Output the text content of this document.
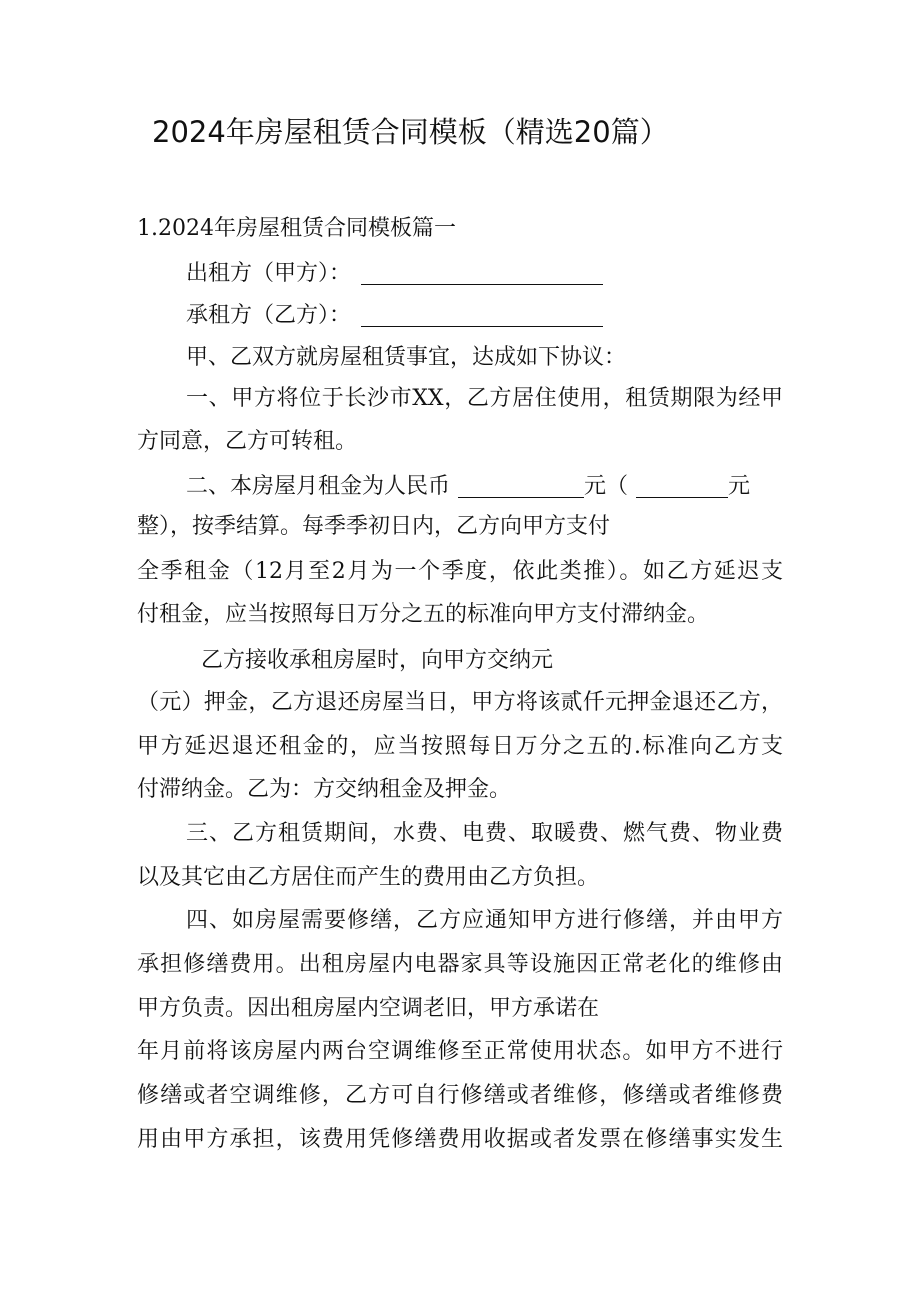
2024年房屋租赁合同模板（精选20篇）
1.2024年房屋租赁合同模板篇一
出租方（甲方）：
承租方（乙方）：
甲、乙双方就房屋租赁事宜，达成如下协议：
一、甲方将位于长沙市XX，乙方居住使用，租赁期限为经甲
方同意，乙方可转租。
二、本房屋月租金为人民币	元（	元
整），按季结算。每季季初日内，乙方向甲方支付
全季租金（12月至2月为一个季度，依此类推）。如乙方延迟支
付租金，应当按照每日万分之五的标准向甲方支付滞纳金。
乙方接收承租房屋时，向甲方交纳元
（元）押金，乙方退还房屋当日，甲方将该贰仟元押金退还乙方，
甲方延迟退还租金的，应当按照每日万分之五的.标准向乙方支
付滞纳金。乙为：方交纳租金及押金。
三、乙方租赁期间，水费、电费、取暖费、燃气费、物业费
以及其它由乙方居住而产生的费用由乙方负担。
四、如房屋需要修缮，乙方应通知甲方进行修缮，并由甲方
承担修缮费用。出租房屋内电器家具等设施因正常老化的维修由
甲方负责。因出租房屋内空调老旧，甲方承诺在
年月前将该房屋内两台空调维修至正常使用状态。如甲方不进行
修缮或者空调维修，乙方可自行修缮或者维修，修缮或者维修费
用由甲方承担，该费用凭修缮费用收据或者发票在修缮事实发生
